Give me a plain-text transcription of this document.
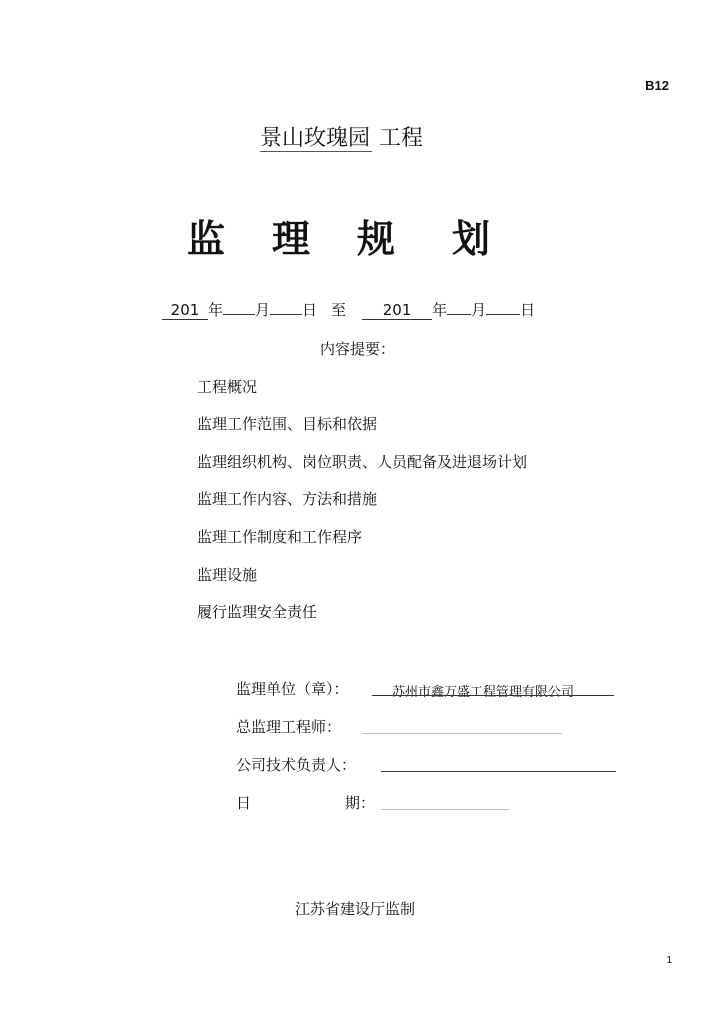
B12
景山玫瑰园 工程
监 理 规 划
201 年 月 日 至 201 年 月 日
内容提要：
工程概况
监理工作范围、目标和依据
监理组织机构、岗位职责、人员配备及进退场计划
监理工作内容、方法和措施
监理工作制度和工作程序
监理设施
履行监理安全责任
监理单位（章）：	苏州市鑫万盛工程管理有限公司
总监理工程师：
公司技术负责人：
日	期：
江苏省建设厅监制
1
